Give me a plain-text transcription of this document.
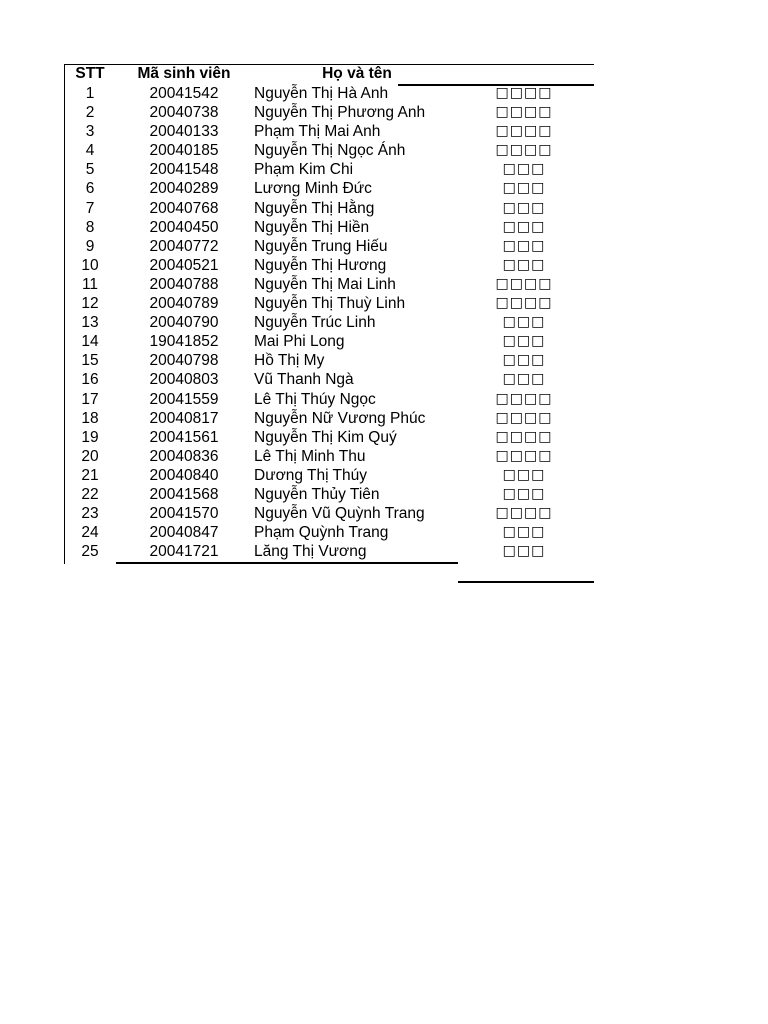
STT	Mã sinh viên	Họ và tên
1	20041542	Nguyễn Thị Hà Anh	□□□□
2	20040738	Nguyễn Thị Phương Anh	□□□□
3	20040133	Phạm Thị Mai Anh	□□□□
4	20040185	Nguyễn Thị Ngọc Ánh	□□□□
5	20041548	Phạm Kim Chi	□□□
6	20040289	Lương Minh Đức	□□□
7	20040768	Nguyễn Thị Hằng	□□□
8	20040450	Nguyễn Thị Hiền	□□□
9	20040772	Nguyễn Trung Hiếu	□□□
10	20040521	Nguyễn Thị Hương	□□□
11	20040788	Nguyễn Thị Mai Linh	□□□□
12	20040789	Nguyễn Thị Thuỳ Linh	□□□□
13	20040790	Nguyễn Trúc Linh	□□□
14	19041852	Mai Phi Long	□□□
15	20040798	Hồ Thị My	□□□
16	20040803	Vũ Thanh Ngà	□□□
17	20041559	Lê Thị Thúy Ngọc	□□□□
18	20040817	Nguyễn Nữ Vương Phúc	□□□□
19	20041561	Nguyễn Thị Kim Quý	□□□□
20	20040836	Lê Thị Minh Thu	□□□□
21	20040840	Dương Thị Thúy	□□□
22	20041568	Nguyễn Thủy Tiên	□□□
23	20041570	Nguyễn Vũ Quỳnh Trang	□□□□
24	20040847	Phạm Quỳnh Trang	□□□
25	20041721	Lăng Thị Vương	□□□
